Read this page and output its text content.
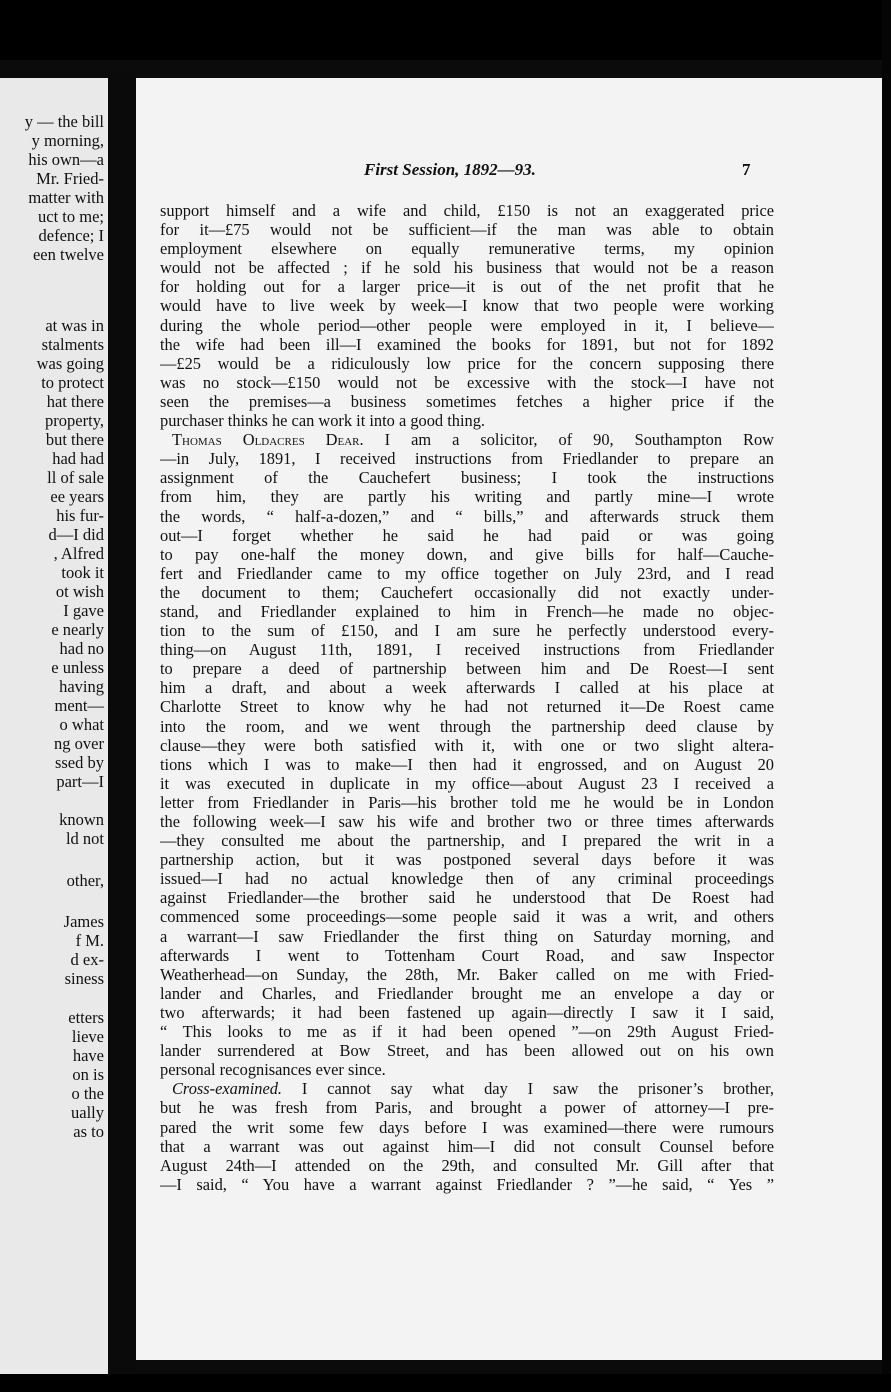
y — the bill
y morning,
his own—a
Mr. Fried-
matter with
uct to me;
defence; I
een twelve
at was in
stalments
was going
to protect
hat there
property,
but there
had had
ll of sale
ee years
his fur-
d—I did
, Alfred
took it
ot wish
I gave
e nearly
had no
e unless
having
ment—
o what
ng over
ssed by
part—I
known
ld not
other,
James
f M.
d ex-
siness
etters
lieve
have
on is
o the
ually
as to
First Session, 1892—93.	7
support himself and a wife and child, £150 is not an exaggerated price
for it—£75 would not be sufficient—if the man was able to obtain
employment elsewhere on equally remunerative terms, my opinion
would not be affected ; if he sold his business that would not be a reason
for holding out for a larger price—it is out of the net profit that he
would have to live week by week—I know that two people were working
during the whole period—other people were employed in it, I believe—
the wife had been ill—I examined the books for 1891, but not for 1892
—£25 would be a ridiculously low price for the concern supposing there
was no stock—£150 would not be excessive with the stock—I have not
seen the premises—a business sometimes fetches a higher price if the
purchaser thinks he can work it into a good thing.
Thomas Oldacres Dear. I am a solicitor, of 90, Southampton Row
—in July, 1891, I received instructions from Friedlander to prepare an
assignment of the Cauchefert business; I took the instructions
from him, they are partly his writing and partly mine—I wrote
the words, “ half-a-dozen,” and “ bills,” and afterwards struck them
out—I forget whether he said he had paid or was going
to pay one-half the money down, and give bills for half—Cauche-
fert and Friedlander came to my office together on July 23rd, and I read
the document to them; Cauchefert occasionally did not exactly under-
stand, and Friedlander explained to him in French—he made no objec-
tion to the sum of £150, and I am sure he perfectly understood every-
thing—on August 11th, 1891, I received instructions from Friedlander
to prepare a deed of partnership between him and De Roest—I sent
him a draft, and about a week afterwards I called at his place at
Charlotte Street to know why he had not returned it—De Roest came
into the room, and we went through the partnership deed clause by
clause—they were both satisfied with it, with one or two slight altera-
tions which I was to make—I then had it engrossed, and on August 20
it was executed in duplicate in my office—about August 23 I received a
letter from Friedlander in Paris—his brother told me he would be in London
the following week—I saw his wife and brother two or three times afterwards
—they consulted me about the partnership, and I prepared the writ in a
partnership action, but it was postponed several days before it was
issued—I had no actual knowledge then of any criminal proceedings
against Friedlander—the brother said he understood that De Roest had
commenced some proceedings—some people said it was a writ, and others
a warrant—I saw Friedlander the first thing on Saturday morning, and
afterwards I went to Tottenham Court Road, and saw Inspector
Weatherhead—on Sunday, the 28th, Mr. Baker called on me with Fried-
lander and Charles, and Friedlander brought me an envelope a day or
two afterwards; it had been fastened up again—directly I saw it I said,
“ This looks to me as if it had been opened ”—on 29th August Fried-
lander surrendered at Bow Street, and has been allowed out on his own
personal recognisances ever since.
Cross-examined. I cannot say what day I saw the prisoner’s brother,
but he was fresh from Paris, and brought a power of attorney—I pre-
pared the writ some few days before I was examined—there were rumours
that a warrant was out against him—I did not consult Counsel before
August 24th—I attended on the 29th, and consulted Mr. Gill after that
—I said, “ You have a warrant against Friedlander ? ”—he said, “ Yes ”
